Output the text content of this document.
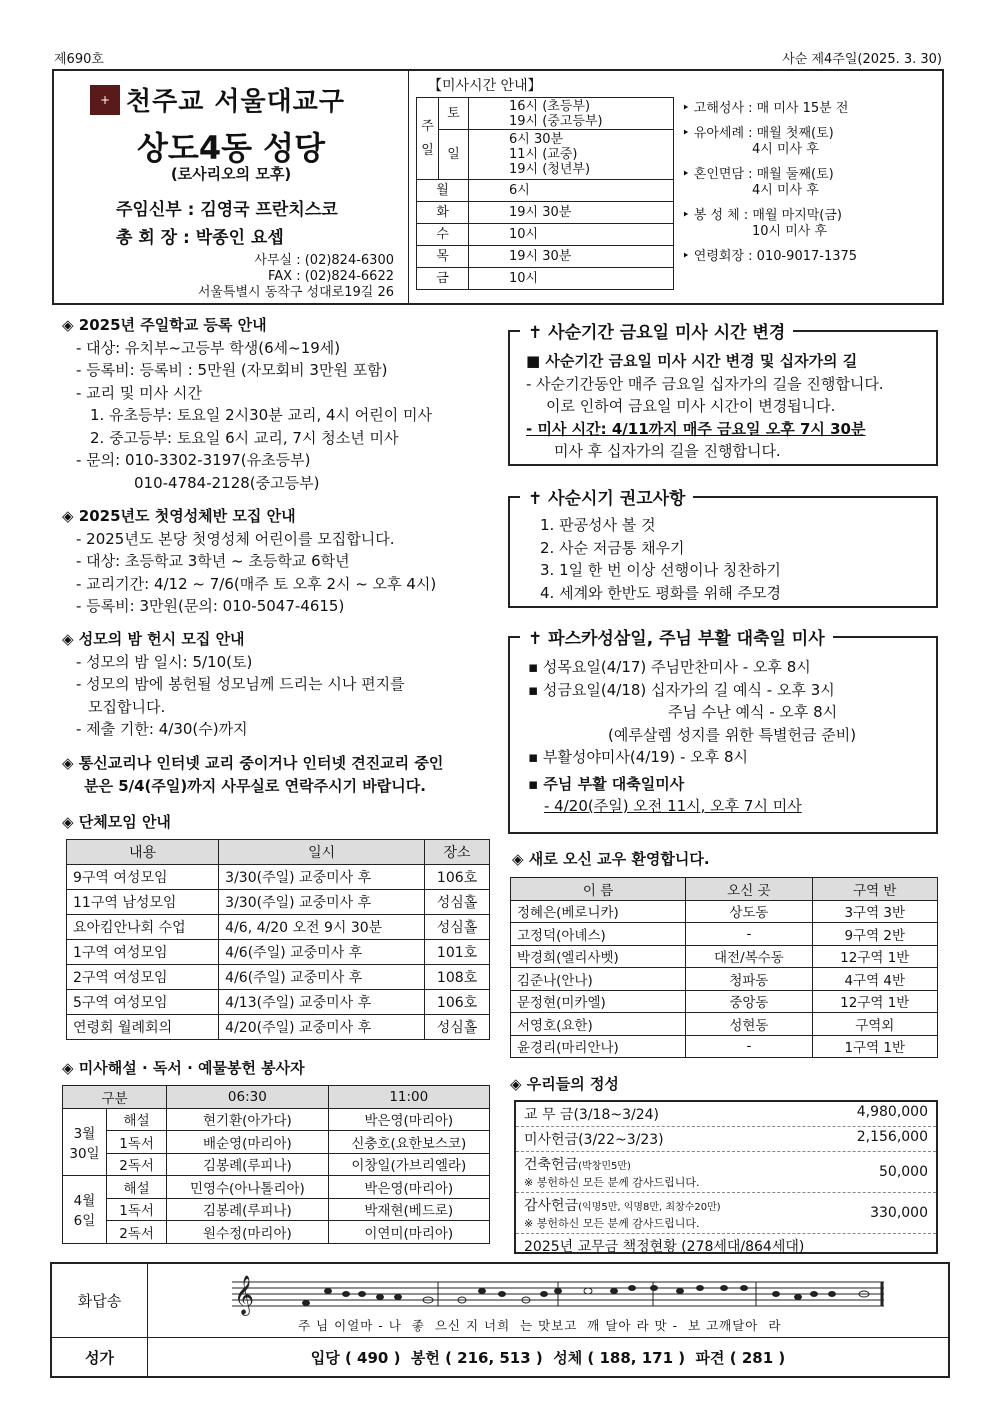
제690호	사순 제4주일(2025. 3. 30)
+ 천주교 서울대교구
상도4동 성당
(로사리오의 모후)
주임신부 : 김영국 프란치스코
총 회 장 : 박종인 요셉
사무실 : (02)824-6300
FAX : (02)824-6622
서울특별시 동작구 성대로19길 26
【미사시간 안내】
주일	토	16시 (초등부)
19시 (중고등부)

	일	6시 30분
11시 (교중)
19시 (청년부)

월		6시
화		19시 30분
수		10시
목		19시 30분
금		10시
‣ 고해성사 : 매 미사 15분 전
‣ 유아세례 : 매월 첫째(토)
4시 미사 후
‣ 혼인면담 : 매월 둘째(토)
4시 미사 후
‣ 봉 성 체 : 매월 마지막(금)
10시 미사 후
‣ 연령회장 : 010-9017-1375
◈ 2025년 주일학교 등록 안내
- 대상: 유치부~고등부 학생(6세~19세)
- 등록비: 등록비 : 5만원 (자모회비 3만원 포함)
- 교리 및 미사 시간
1. 유초등부: 토요일 2시30분 교리, 4시 어린이 미사
2. 중고등부: 토요일 6시 교리, 7시 청소년 미사
- 문의: 010-3302-3197(유초등부)
010-4784-2128(중고등부)
◈ 2025년도 첫영성체반 모집 안내
- 2025년도 본당 첫영성체 어린이를 모집합니다.
- 대상: 초등학교 3학년 ~ 초등학교 6학년
- 교리기간: 4/12 ~ 7/6(매주 토 오후 2시 ~ 오후 4시)
- 등록비: 3만원(문의: 010-5047-4615)
◈ 성모의 밤 헌시 모집 안내
- 성모의 밤 일시: 5/10(토)
- 성모의 밤에 봉헌될 성모님께 드리는 시나 편지를
모집합니다.
- 제출 기한: 4/30(수)까지
◈ 통신교리나 인터넷 교리 중이거나 인터넷 견진교리 중인
분은 5/4(주일)까지 사무실로 연락주시기 바랍니다.
◈ 단체모임 안내
내용	일시	장소
9구역 여성모임	3/30(주일) 교중미사 후	106호
11구역 남성모임	3/30(주일) 교중미사 후	성심홀
요아킴안나회 수업	4/6, 4/20 오전 9시 30분	성심홀
1구역 여성모임	4/6(주일) 교중미사 후	101호
2구역 여성모임	4/6(주일) 교중미사 후	108호
5구역 여성모임	4/13(주일) 교중미사 후	106호
연령회 월례회의	4/20(주일) 교중미사 후	성심홀
◈ 미사해설 · 독서 · 예물봉헌 봉사자
구분		06:30	11:00
3월 30일	해설	현기환(아가다)	박은영(마리아)
	1독서	배순영(마리아)	신충호(요한보스코)
	2독서	김봉례(루피나)	이창일(가브리엘라)
4월 6일	해설	민영수(아나톨리아)	박은영(마리아)
	1독서	김봉례(루피나)	박재현(베드로)
	2독서	원수정(마리아)	이연미(마리아)
✝ 사순기간 금요일 미사 시간 변경
■ 사순기간 금요일 미사 시간 변경 및 십자가의 길
- 사순기간동안 매주 금요일 십자가의 길을 진행합니다.
이로 인하여 금요일 미사 시간이 변경됩니다.
- 미사 시간: 4/11까지 매주 금요일 오후 7시 30분
미사 후 십자가의 길을 진행합니다.
✝ 사순시기 권고사항
1. 판공성사 볼 것
2. 사순 저금통 채우기
3. 1일 한 번 이상 선행이나 칭찬하기
4. 세계와 한반도 평화를 위해 주모경
✝ 파스카성삼일, 주님 부활 대축일 미사
▪ 성목요일(4/17) 주님만찬미사 - 오후 8시
▪ 성금요일(4/18) 십자가의 길 예식 - 오후 3시
주님 수난 예식 - 오후 8시
(예루살렘 성지를 위한 특별헌금 준비)
▪ 부활성야미사(4/19) - 오후 8시
▪ 주님 부활 대축일미사
- 4/20(주일) 오전 11시, 오후 7시 미사
◈ 새로 오신 교우 환영합니다.
이 름	오신 곳	구역 반
정혜은(베로니카)	상도동	3구역 3반
고정덕(아녜스)	-	9구역 2반
박경희(엘리사벳)	대전/복수동	12구역 1반
김준나(안나)	청파동	4구역 4반
문정현(미카엘)	중앙동	12구역 1반
서영호(요한)	성현동	구역외
윤경리(마리안나)	-	1구역 1반
◈ 우리들의 정성
교 무 금(3/18~3/24)	4,980,000
미사헌금(3/22~3/23)	2,156,000
건축헌금(박창민5만)
※ 봉헌하신 모든 분께 감사드립니다.
50,000
감사헌금(익명5만, 익명8만, 최창수20만)
※ 봉헌하신 모든 분께 감사드립니다.
330,000
2025년 교무금 책정현황 (278세대/864세대)
화답송	𝄞
주 님 이얼마 - 나  좋  으신 지 너희  는 맛보고  깨 달아 라 맛 -  보 고깨달아  라
성가	입당 ( 490 )  봉헌 ( 216, 513 )  성체 ( 188, 171 )  파견 ( 281 )
